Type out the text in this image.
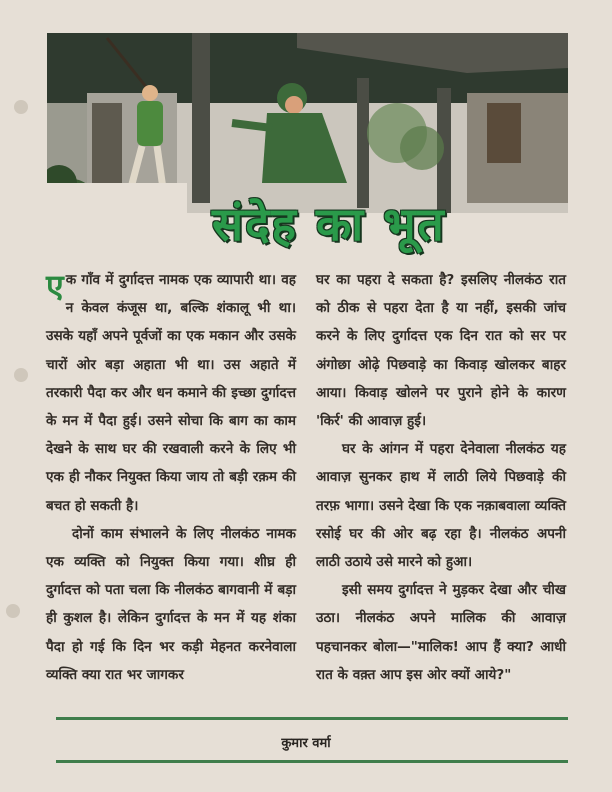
संदेह का भूत

एक गाँव में दुर्गादत्त नामक एक व्यापारी था। वह न केवल कंजूस था, बल्कि शंकालू भी था। उसके यहाँ अपने पूर्वजों का एक मकान और उसके चारों ओर बड़ा अहाता भी था। उस अहाते में तरकारी पैदा कर और धन कमाने की इच्छा दुर्गादत्त के मन में पैदा हुई। उसने सोचा कि बाग का काम देखने के साथ घर की रखवाली करने के लिए भी एक ही नौकर नियुक्त किया जाय तो बड़ी रक़म की बचत हो सकती है।

दोनों काम संभालने के लिए नीलकंठ नामक एक व्यक्ति को नियुक्त किया गया। शीघ्र ही दुर्गादत्त को पता चला कि नीलकंठ बागवानी में बड़ा ही कुशल है। लेकिन दुर्गादत्त के मन में यह शंका पैदा हो गई कि दिन भर कड़ी मेहनत करनेवाला व्यक्ति क्या रात भर जागकर

घर का पहरा दे सकता है? इसलिए नीलकंठ रात को ठीक से पहरा देता है या नहीं, इसकी जांच करने के लिए दुर्गादत्त एक दिन रात को सर पर अंगोछा ओढ़े पिछवाड़े का किवाड़ खोलकर बाहर आया। किवाड़ खोलने पर पुराने होने के कारण 'किर्र' की आवाज़ हुई।

घर के आंगन में पहरा देनेवाला नीलकंठ यह आवाज़ सुनकर हाथ में लाठी लिये पिछवाड़े की तरफ़ भागा। उसने देखा कि एक नक़ाबवाला व्यक्ति रसोई घर की ओर बढ़ रहा है। नीलकंठ अपनी लाठी उठाये उसे मारने को हुआ।

इसी समय दुर्गादत्त ने मुड़कर देखा और चीख उठा। नीलकंठ अपने मालिक की आवाज़ पहचानकर बोला—"मालिक! आप हैं क्या? आधी रात के वक़्त आप इस ओर क्यों आये?"

कुमार वर्मा
